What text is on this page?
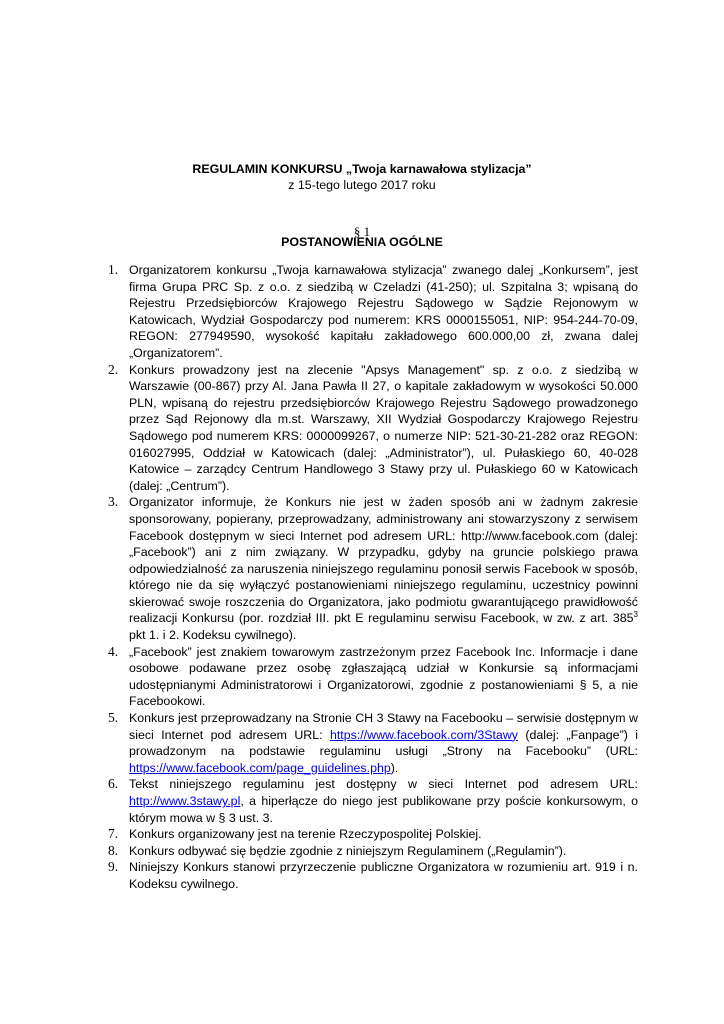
REGULAMIN KONKURSU „Twoja karnawałowa stylizacja”
z 15-tego lutego 2017 roku
§ 1
POSTANOWIENIA OGÓLNE
1. Organizatorem konkursu „Twoja karnawałowa stylizacja” zwanego dalej „Konkursem”, jest firma Grupa PRC Sp. z o.o. z siedzibą w Czeladzi (41-250); ul. Szpitalna 3; wpisaną do Rejestru Przedsiębiorców Krajowego Rejestru Sądowego w Sądzie Rejonowym w Katowicach, Wydział Gospodarczy pod numerem: KRS 0000155051, NIP: 954-244-70-09, REGON: 277949590, wysokość kapitału zakładowego 600.000,00 zł, zwana dalej „Organizatorem”.
2. Konkurs prowadzony jest na zlecenie "Apsys Management" sp. z o.o. z siedzibą w Warszawie (00-867) przy Al. Jana Pawła II 27, o kapitale zakładowym w wysokości 50.000 PLN, wpisaną do rejestru przedsiębiorców Krajowego Rejestru Sądowego prowadzonego przez Sąd Rejonowy dla m.st. Warszawy, XII Wydział Gospodarczy Krajowego Rejestru Sądowego pod numerem KRS: 0000099267, o numerze NIP: 521-30-21-282 oraz REGON: 016027995, Oddział w Katowicach (dalej: „Administrator”), ul. Pułaskiego 60, 40-028 Katowice – zarządcy Centrum Handlowego 3 Stawy przy ul. Pułaskiego 60 w Katowicach (dalej: „Centrum”).
3. Organizator informuje, że Konkurs nie jest w żaden sposób ani w żadnym zakresie sponsorowany, popierany, przeprowadzany, administrowany ani stowarzyszony z serwisem Facebook dostępnym w sieci Internet pod adresem URL: http://www.facebook.com (dalej: „Facebook”) ani z nim związany. W przypadku, gdyby na gruncie polskiego prawa odpowiedzialność za naruszenia niniejszego regulaminu ponosił serwis Facebook w sposób, którego nie da się wyłączyć postanowieniami niniejszego regulaminu, uczestnicy powinni skierować swoje roszczenia do Organizatora, jako podmiotu gwarantującego prawidłowość realizacji Konkursu (por. rozdział III. pkt E regulaminu serwisu Facebook, w zw. z art. $385^3$ pkt 1. i 2. Kodeksu cywilnego).
4. „Facebook” jest znakiem towarowym zastrzeżonym przez Facebook Inc. Informacje i dane osobowe podawane przez osobę zgłaszającą udział w Konkursie są informacjami udostępnianymi Administratorowi i Organizatorowi, zgodnie z postanowieniami § 5, a nie Facebookowi.
5. Konkurs jest przeprowadzany na Stronie CH 3 Stawy na Facebooku – serwisie dostępnym w sieci Internet pod adresem URL: https://www.facebook.com/3Stawy (dalej: „Fanpage”) i prowadzonym na podstawie regulaminu usługi „Strony na Facebooku” (URL: https://www.facebook.com/page_guidelines.php).
6. Tekst niniejszego regulaminu jest dostępny w sieci Internet pod adresem URL: http://www.3stawy.pl, a hiperłącze do niego jest publikowane przy poście konkursowym, o którym mowa w § 3 ust. 3.
7. Konkurs organizowany jest na terenie Rzeczypospolitej Polskiej.
8. Konkurs odbywać się będzie zgodnie z niniejszym Regulaminem („Regulamin”).
9. Niniejszy Konkurs stanowi przyrzeczenie publiczne Organizatora w rozumieniu art. 919 i n. Kodeksu cywilnego.
